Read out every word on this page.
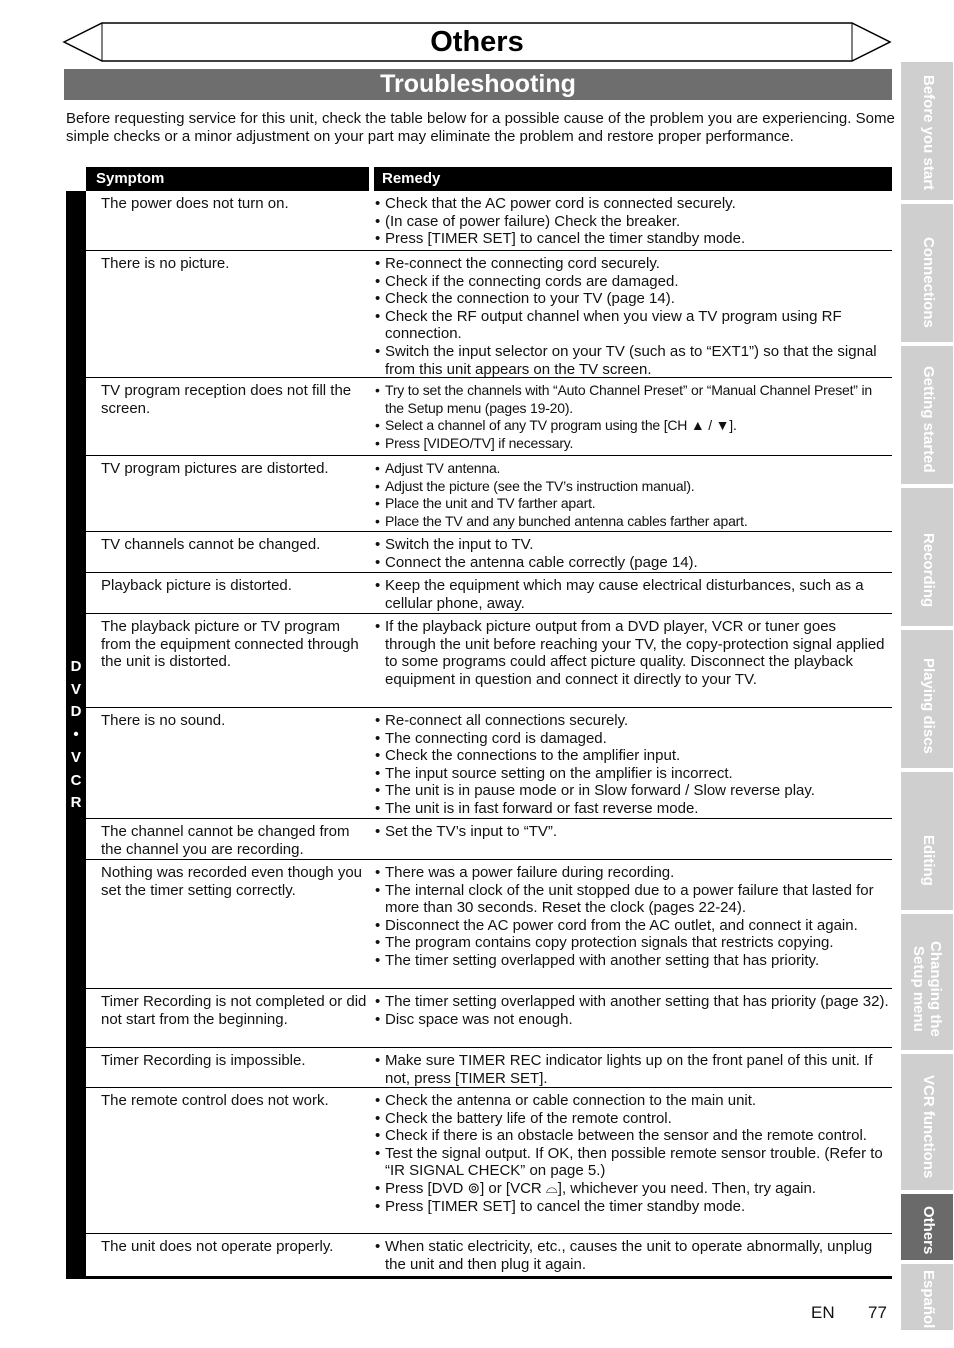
Others
Troubleshooting

Before requesting service for this unit, check the table below for a possible cause of the problem you are experiencing. Some simple checks or a minor adjustment on your part may eliminate the problem and restore proper performance.

Symptom	Remedy
D
V
D
•
V
C
R
The power does not turn on.	• Check that the AC power cord is connected securely.
• (In case of power failure) Check the breaker.
• Press [TIMER SET] to cancel the timer standby mode.
There is no picture.	• Re-connect the connecting cord securely.
• Check if the connecting cords are damaged.
• Check the connection to your TV (page 14).
• Check the RF output channel when you view a TV program using RF connection.
• Switch the input selector on your TV (such as to “EXT1”) so that the signal from this unit appears on the TV screen.
TV program reception does not fill the screen.
• Try to set the channels with “Auto Channel Preset” or “Manual Channel Preset” in the Setup menu (pages 19-20).
• Select a channel of any TV program using the [CH ▲ / ▼].
• Press [VIDEO/TV] if necessary.
TV program pictures are distorted.	• Adjust TV antenna.
• Adjust the picture (see the TV’s instruction manual).
• Place the unit and TV farther apart.
• Place the TV and any bunched antenna cables farther apart.
TV channels cannot be changed.	• Switch the input to TV.
• Connect the antenna cable correctly (page 14).
Playback picture is distorted.	• Keep the equipment which may cause electrical disturbances, such as a cellular phone, away.
The playback picture or TV program from the equipment connected through the unit is distorted.
• If the playback picture output from a DVD player, VCR or tuner goes through the unit before reaching your TV, the copy-protection signal applied to some programs could affect picture quality. Disconnect the playback equipment in question and connect it directly to your TV.
There is no sound.	• Re-connect all connections securely.
• The connecting cord is damaged.
• Check the connections to the amplifier input.
• The input source setting on the amplifier is incorrect.
• The unit is in pause mode or in Slow forward / Slow reverse play.
• The unit is in fast forward or fast reverse mode.
The channel cannot be changed from the channel you are recording.
• Set the TV’s input to “TV”.
Nothing was recorded even though you set the timer setting correctly.
• There was a power failure during recording.
• The internal clock of the unit stopped due to a power failure that lasted for more than 30 seconds. Reset the clock (pages 22-24).
• Disconnect the AC power cord from the AC outlet, and connect it again.
• The program contains copy protection signals that restricts copying.
• The timer setting overlapped with another setting that has priority.
Timer Recording is not completed or did not start from the beginning.
• The timer setting overlapped with another setting that has priority (page 32).
• Disc space was not enough.
Timer Recording is impossible.	• Make sure TIMER REC indicator lights up on the front panel of this unit. If not, press [TIMER SET].
The remote control does not work.	• Check the antenna or cable connection to the main unit.
• Check the battery life of the remote control.
• Check if there is an obstacle between the sensor and the remote control.
• Test the signal output. If OK, then possible remote sensor trouble. (Refer to “IR SIGNAL CHECK” on page 5.)
• Press [DVD ⊚] or [VCR ⌓], whichever you need. Then, try again.
• Press [TIMER SET] to cancel the timer standby mode.
The unit does not operate properly.	• When static electricity, etc., causes the unit to operate abnormally, unplug the unit and then plug it again.
Before you start
Connections
Getting started
Recording
Playing discs
Editing
Changing the
Setup menu
VCR functions
Others
Español
EN 77
